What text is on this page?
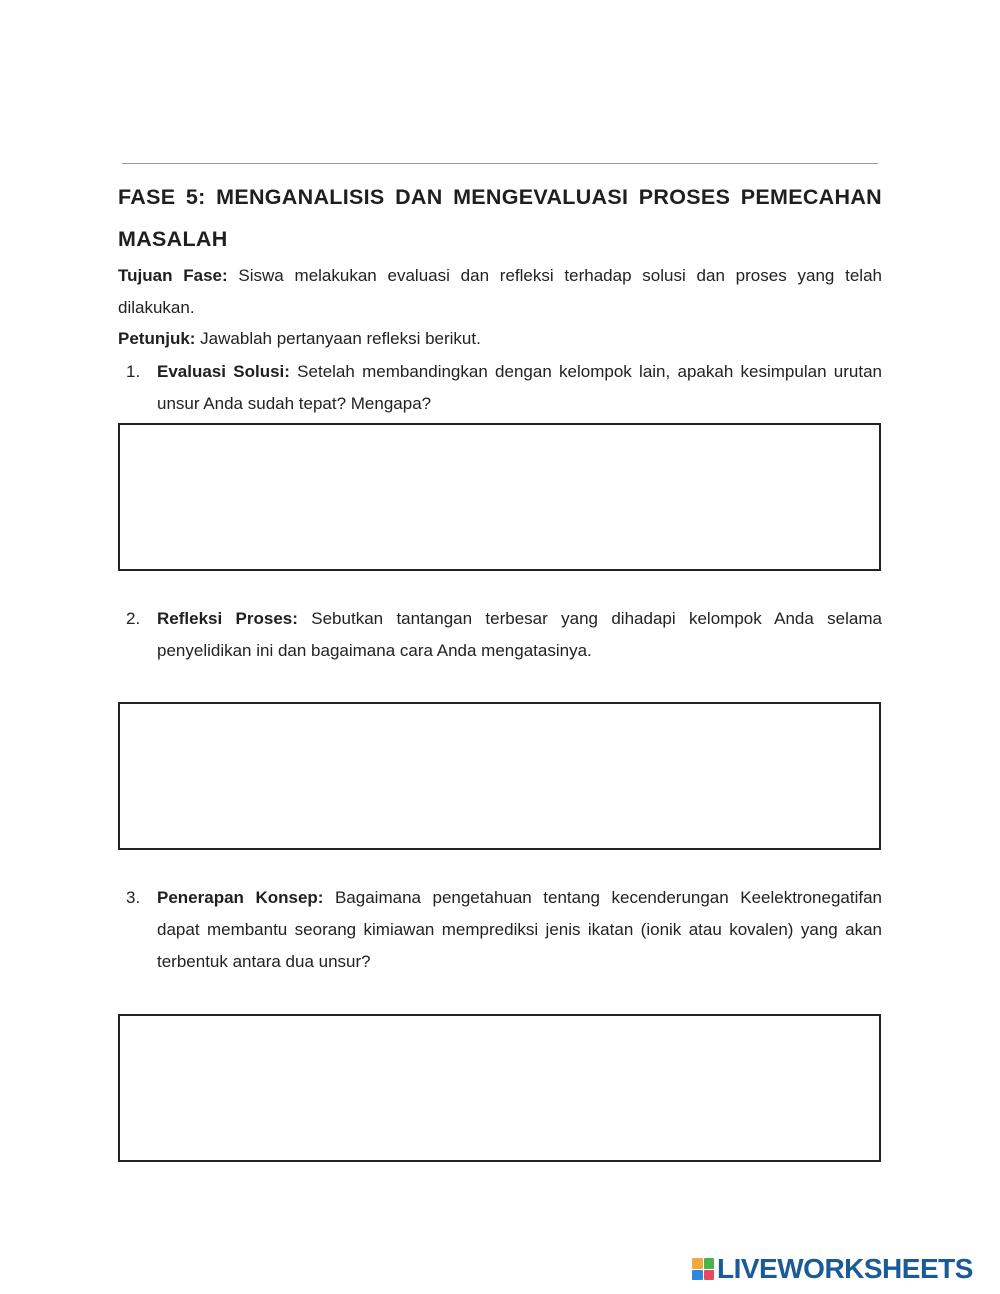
FASE 5: MENGANALISIS DAN MENGEVALUASI PROSES PEMECAHAN MASALAH

Tujuan Fase: Siswa melakukan evaluasi dan refleksi terhadap solusi dan proses yang telah dilakukan.

Petunjuk: Jawablah pertanyaan refleksi berikut.

1. Evaluasi Solusi: Setelah membandingkan dengan kelompok lain, apakah kesimpulan urutan unsur Anda sudah tepat? Mengapa?

2. Refleksi Proses: Sebutkan tantangan terbesar yang dihadapi kelompok Anda selama penyelidikan ini dan bagaimana cara Anda mengatasinya.

3. Penerapan Konsep: Bagaimana pengetahuan tentang kecenderungan Keelektronegatifan dapat membantu seorang kimiawan memprediksi jenis ikatan (ionik atau kovalen) yang akan terbentuk antara dua unsur?

LIVEWORKSHEETS
